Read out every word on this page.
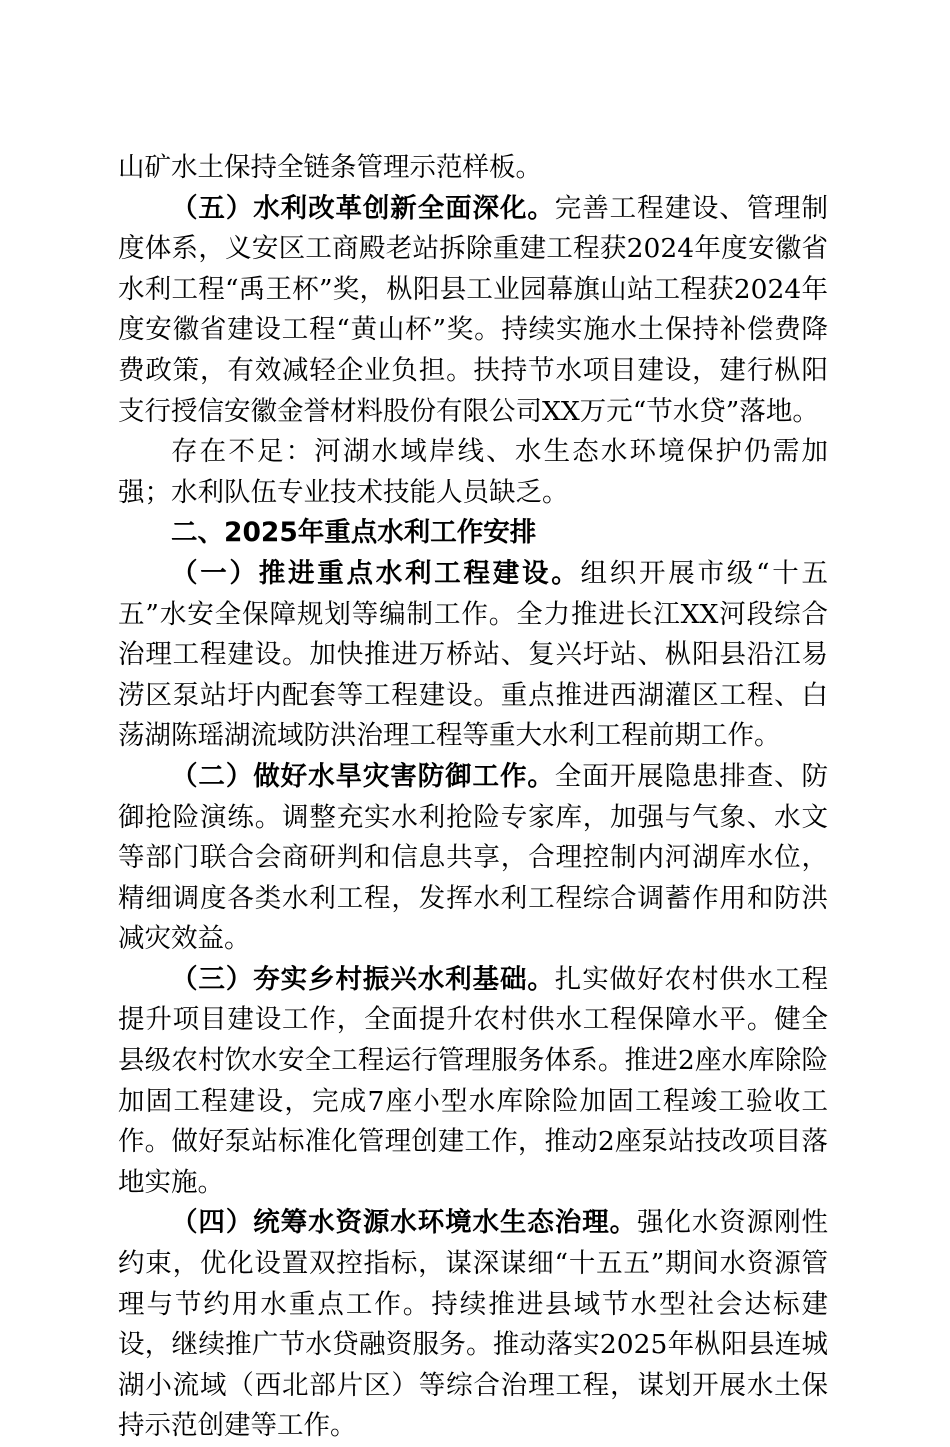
山矿水土保持全链条管理示范样板。

（五）水利改革创新全面深化。完善工程建设、管理制度体系，义安区工商殿老站拆除重建工程获2024年度安徽省水利工程“禹王杯”奖，枞阳县工业园幕旗山站工程获2024年度安徽省建设工程“黄山杯”奖。持续实施水土保持补偿费降费政策，有效减轻企业负担。扶持节水项目建设，建行枞阳支行授信安徽金誉材料股份有限公司XX万元“节水贷”落地。

存在不足：河湖水域岸线、水生态水环境保护仍需加强；水利队伍专业技术技能人员缺乏。

二、2025年重点水利工作安排

（一）推进重点水利工程建设。组织开展市级“十五五”水安全保障规划等编制工作。全力推进长江XX河段综合治理工程建设。加快推进万桥站、复兴圩站、枞阳县沿江易涝区泵站圩内配套等工程建设。重点推进西湖灌区工程、白荡湖陈瑶湖流域防洪治理工程等重大水利工程前期工作。

（二）做好水旱灾害防御工作。全面开展隐患排查、防御抢险演练。调整充实水利抢险专家库，加强与气象、水文等部门联合会商研判和信息共享，合理控制内河湖库水位，精细调度各类水利工程，发挥水利工程综合调蓄作用和防洪减灾效益。

（三）夯实乡村振兴水利基础。扎实做好农村供水工程提升项目建设工作，全面提升农村供水工程保障水平。健全县级农村饮水安全工程运行管理服务体系。推进2座水库除险加固工程建设，完成7座小型水库除险加固工程竣工验收工作。做好泵站标准化管理创建工作，推动2座泵站技改项目落地实施。

（四）统筹水资源水环境水生态治理。强化水资源刚性约束，优化设置双控指标，谋深谋细“十五五”期间水资源管理与节约用水重点工作。持续推进县域节水型社会达标建设，继续推广节水贷融资服务。推动落实2025年枞阳县连城湖小流域（西北部片区）等综合治理工程，谋划开展水土保持示范创建等工作。
